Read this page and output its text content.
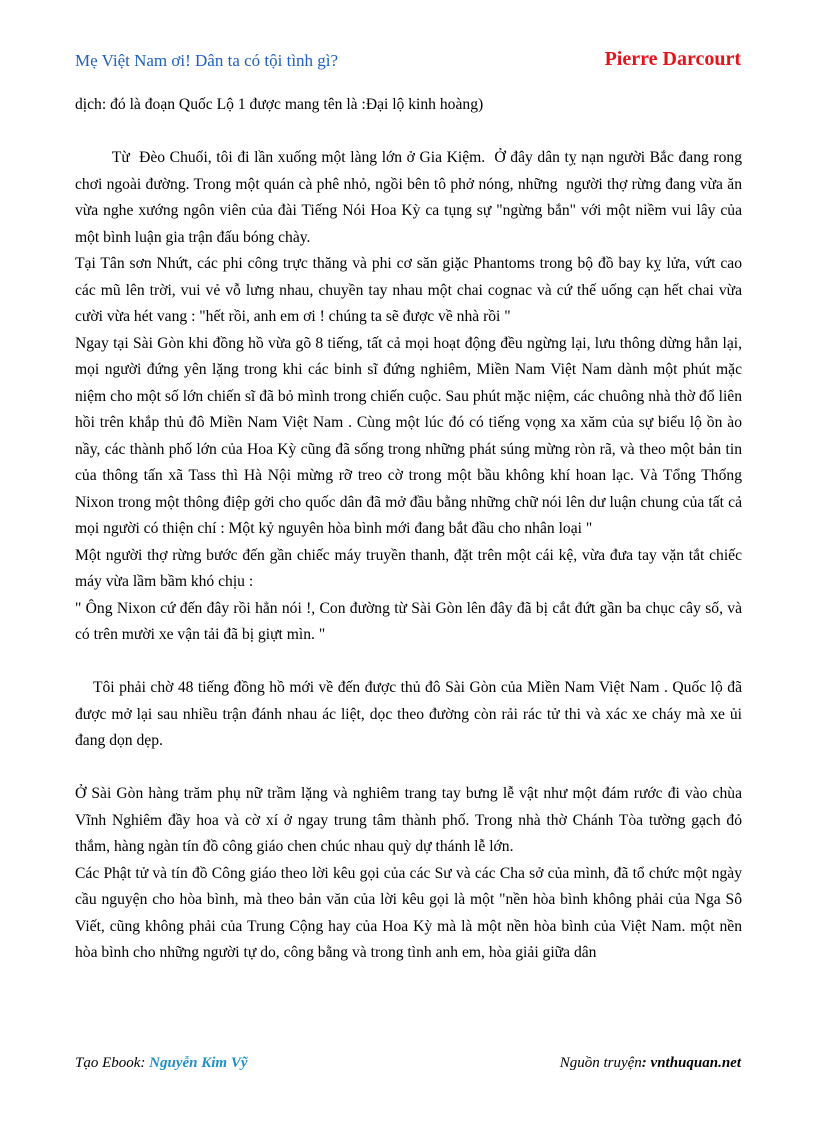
Mẹ Việt Nam ơi! Dân ta có tội tình gì?	Pierre Darcourt

dịch: đó là đoạn Quốc Lộ 1 được mang tên là :Đại lộ kinh hoàng)

Từ  Đèo Chuối, tôi đi lần xuống một làng lớn ở Gia Kiệm.  Ở đây dân tỵ nạn người Bắc đang rong chơi ngoài đường. Trong một quán cà phê nhỏ, ngồi bên tô phở nóng, những  người thợ rừng đang vừa ăn vừa nghe xướng ngôn viên của đài Tiếng Nói Hoa Kỳ ca tụng sự "ngừng bắn" với một niềm vui lây của một bình luận gia trận đấu bóng chày.

Tại Tân sơn Nhứt, các phi công trực thăng và phi cơ săn giặc Phantoms trong bộ đồ bay kỵ lửa, vứt cao các mũ lên trời, vui vẻ vỗ lưng nhau, chuyền tay nhau một chai cognac và cứ thế uống cạn hết chai vừa cười vừa hét vang : "hết rồi, anh em ơi ! chúng ta sẽ được về nhà rồi "

Ngay tại Sài Gòn khi đồng hồ vừa gõ 8 tiếng, tất cả mọi hoạt động đều ngừng lại, lưu thông dừng hẳn lại, mọi người đứng yên lặng trong khi các binh sĩ đứng nghiêm, Miền Nam Việt Nam dành một phút mặc niệm cho một số lớn chiến sĩ đã bỏ mình trong chiến cuộc. Sau phút mặc niệm, các chuông nhà thờ đổ liên hồi trên khắp thủ đô Miền Nam Việt Nam . Cùng một lúc đó có tiếng vọng xa xăm của sự biểu lộ ồn ào nầy, các thành phố lớn của Hoa Kỳ cũng đã sống trong những phát súng mừng ròn rã, và theo một bản tin của thông tấn xã Tass thì Hà Nội mừng rỡ treo cờ trong một bầu không khí hoan lạc. Và Tổng Thống Nixon trong một thông điệp gởi cho quốc dân đã mở đầu bằng những chữ nói lên dư luận chung của tất cả mọi người có thiện chí : Một kỷ nguyên hòa bình mới đang bắt đầu cho nhân loại "

Một người thợ rừng bước đến gần chiếc máy truyền thanh, đặt trên một cái kệ, vừa đưa tay vặn tắt chiếc máy vừa lầm bầm khó chịu :

" Ông Nixon cứ đến đây rồi hẳn nói !, Con đường từ Sài Gòn lên đây đã bị cắt đứt gần ba chục cây số, và có trên mười xe vận tải đã bị giựt mìn. "

Tôi phải chờ 48 tiếng đồng hồ mới về đến được thủ đô Sài Gòn của Miền Nam Việt Nam . Quốc lộ đã được mở lại sau nhiều trận đánh nhau ác liệt, dọc theo đường còn rải rác tử thi và xác xe cháy mà xe ủi đang dọn dẹp.

Ở Sài Gòn hàng trăm phụ nữ trầm lặng và nghiêm trang tay bưng lễ vật như một đám rước đi vào chùa Vĩnh Nghiêm đầy hoa và cờ xí ở ngay trung tâm thành phố. Trong nhà thờ Chánh Tòa tường gạch đỏ thắm, hàng ngàn tín đồ công giáo chen chúc nhau quỳ dự thánh lễ lớn.

Các Phật tử và tín đồ Công giáo theo lời kêu gọi của các Sư và các Cha sở của mình, đã tổ chức một ngày cầu nguyện cho hòa bình, mà theo bản văn của lời kêu gọi là một "nền hòa bình không phải của Nga Sô Viết, cũng không phải của Trung Cộng hay của Hoa Kỳ mà là một nền hòa bình của Việt Nam. một nền hòa bình cho những người tự do, công bằng và trong tình anh em, hòa giải giữa dân

Tạo Ebook: Nguyễn Kim Vỹ	Nguồn truyện: vnthuquan.net
